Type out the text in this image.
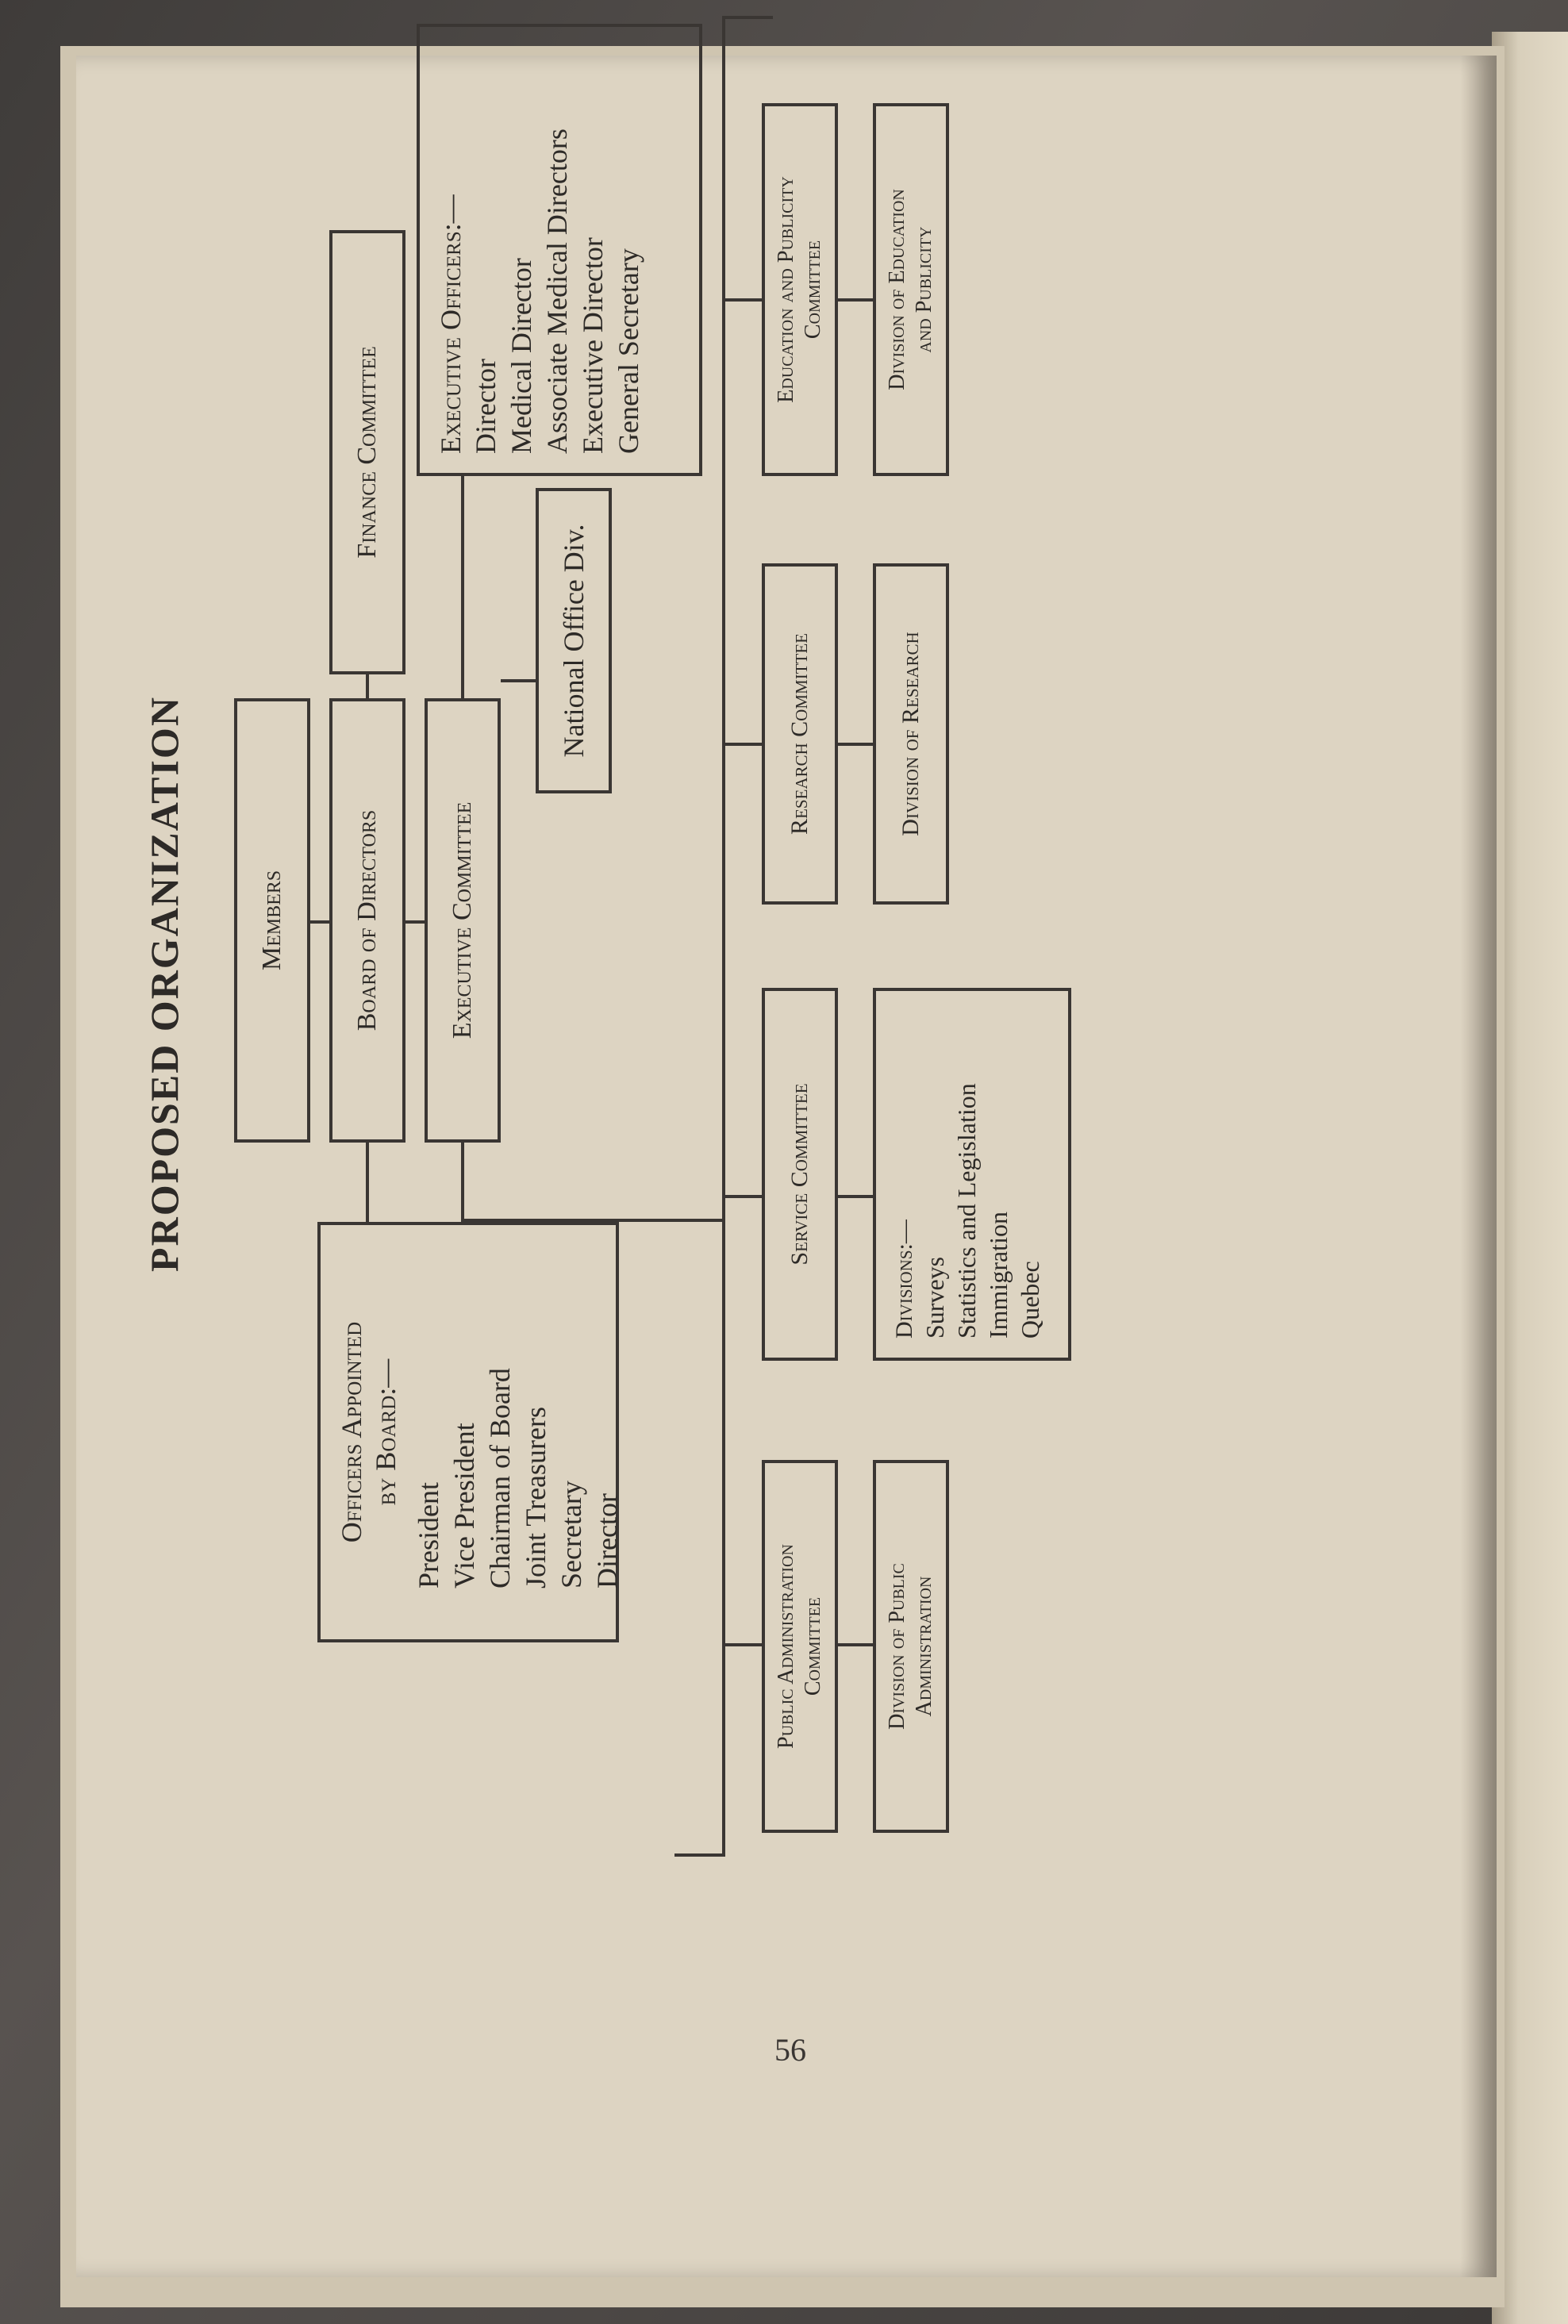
PROPOSED ORGANIZATION	Members Board of Directors Executive Committee
Finance Committee
Officers Appointed by Board:—
President Vice President Chairman of Board Joint Treasurers Secretary Director
National Office Div.
Executive Officers:— Director Medical Director Associate Medical Directors Executive Director General Secretary
Public Administration Committee	Division of Public Administration
Service Committee
Divisions:— Surveys Statistics and Legislation Immigration Quebec
Research Committee	Division of Research
Education and Publicity Committee	Division of Education and Publicity
56
